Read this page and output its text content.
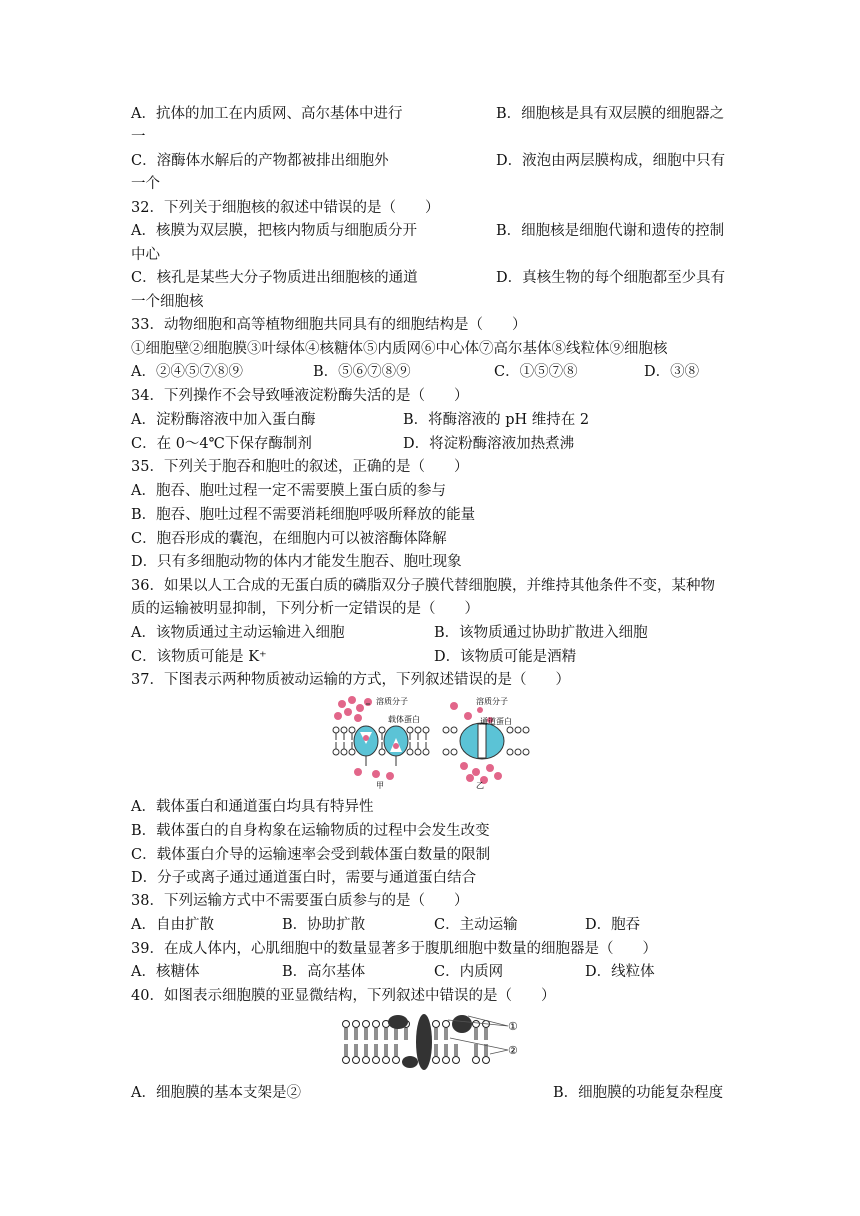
A．抗体的加工在内质网、高尔基体中进行	B．细胞核是具有双层膜的细胞器之
一
C．溶酶体水解后的产物都被排出细胞外	D．液泡由两层膜构成，细胞中只有
一个
32．下列关于细胞核的叙述中错误的是（　　）
A．核膜为双层膜，把核内物质与细胞质分开	B．细胞核是细胞代谢和遗传的控制
中心
C．核孔是某些大分子物质进出细胞核的通道	D．真核生物的每个细胞都至少具有
一个细胞核
33．动物细胞和高等植物细胞共同具有的细胞结构是（　　）
①细胞壁②细胞膜③叶绿体④核糖体⑤内质网⑥中心体⑦高尔基体⑧线粒体⑨细胞核
A．②④⑤⑦⑧⑨	B．⑤⑥⑦⑧⑨	C．①⑤⑦⑧	D．③⑧
34．下列操作不会导致唾液淀粉酶失活的是（　　）
A．淀粉酶溶液中加入蛋白酶	B．将酶溶液的 pH 维持在 2
C．在 0～4℃下保存酶制剂	D．将淀粉酶溶液加热煮沸
35．下列关于胞吞和胞吐的叙述，正确的是（　　）
A．胞吞、胞吐过程一定不需要膜上蛋白质的参与
B．胞吞、胞吐过程不需要消耗细胞呼吸所释放的能量
C．胞吞形成的囊泡，在细胞内可以被溶酶体降解
D．只有多细胞动物的体内才能发生胞吞、胞吐现象
36．如果以人工合成的无蛋白质的磷脂双分子膜代替细胞膜，并维持其他条件不变，某种物
质的运输被明显抑制，下列分析一定错误的是（　　）
A．该物质通过主动运输进入细胞	B．该物质通过协助扩散进入细胞
C．该物质可能是 K⁺	D．该物质可能是酒精
37．下图表示两种物质被动运输的方式，下列叙述错误的是（　　）
溶质分子
载体蛋白
溶质分子
通道蛋白
甲	乙
A．载体蛋白和通道蛋白均具有特异性
B．载体蛋白的自身构象在运输物质的过程中会发生改变
C．载体蛋白介导的运输速率会受到载体蛋白数量的限制
D．分子或离子通过通道蛋白时，需要与通道蛋白结合
38．下列运输方式中不需要蛋白质参与的是（　　）
A．自由扩散	B．协助扩散	C．主动运输	D．胞吞
39．在成人体内，心肌细胞中的数量显著多于腹肌细胞中数量的细胞器是（　　）
A．核糖体	B．高尔基体	C．内质网	D．线粒体
40．如图表示细胞膜的亚显微结构，下列叙述中错误的是（　　）
①
②
A．细胞膜的基本支架是②	B．细胞膜的功能复杂程度
